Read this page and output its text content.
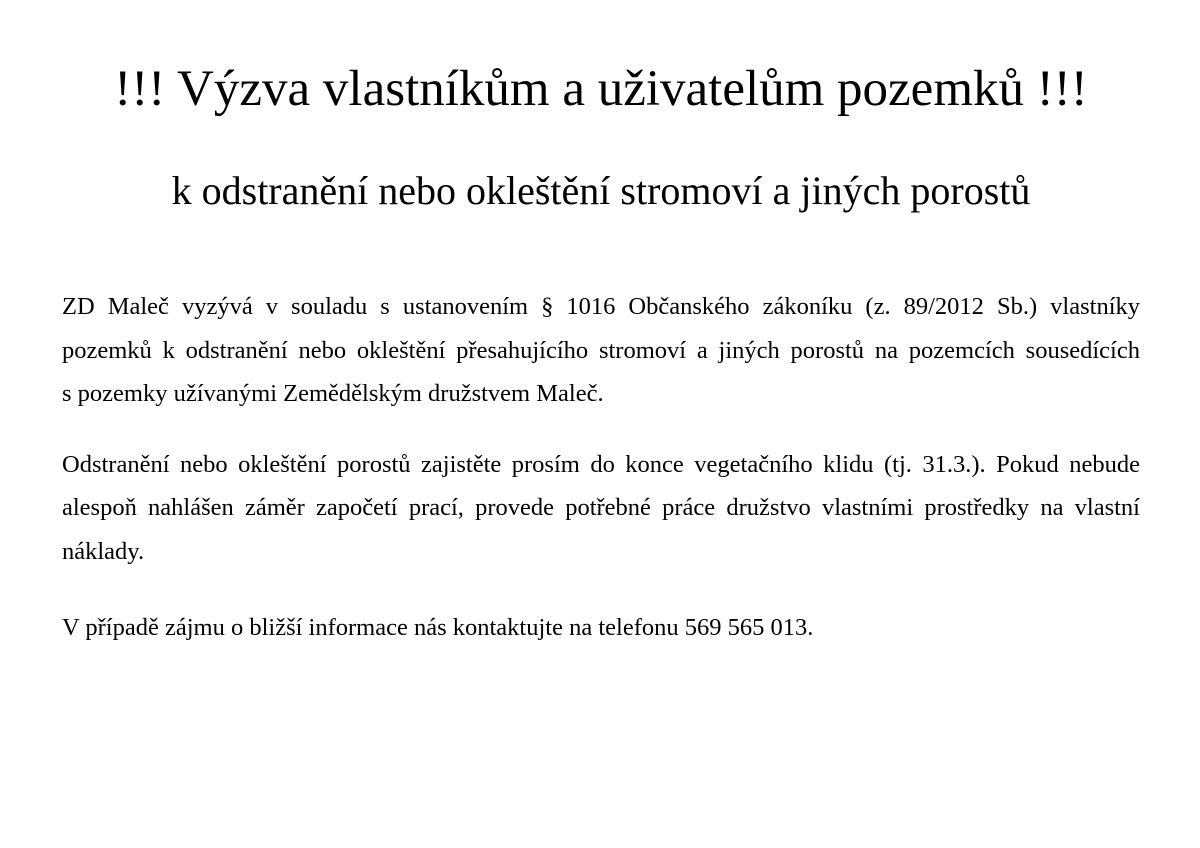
!!! Výzva vlastníkům a uživatelům pozemků !!!
k odstranění nebo okleštění stromoví a jiných porostů
ZD Maleč vyzývá v souladu s ustanovením § 1016 Občanského zákoníku (z. 89/2012 Sb.) vlastníky
pozemků k odstranění nebo okleštění přesahujícího stromoví a jiných porostů na pozemcích sousedících
s pozemky užívanými Zemědělským družstvem Maleč.
Odstranění nebo okleštění porostů zajistěte prosím do konce vegetačního klidu (tj. 31.3.). Pokud nebude
alespoň nahlášen záměr započetí prací, provede potřebné práce družstvo vlastními prostředky na vlastní
náklady.
V případě zájmu o bližší informace nás kontaktujte na telefonu 569 565 013.
